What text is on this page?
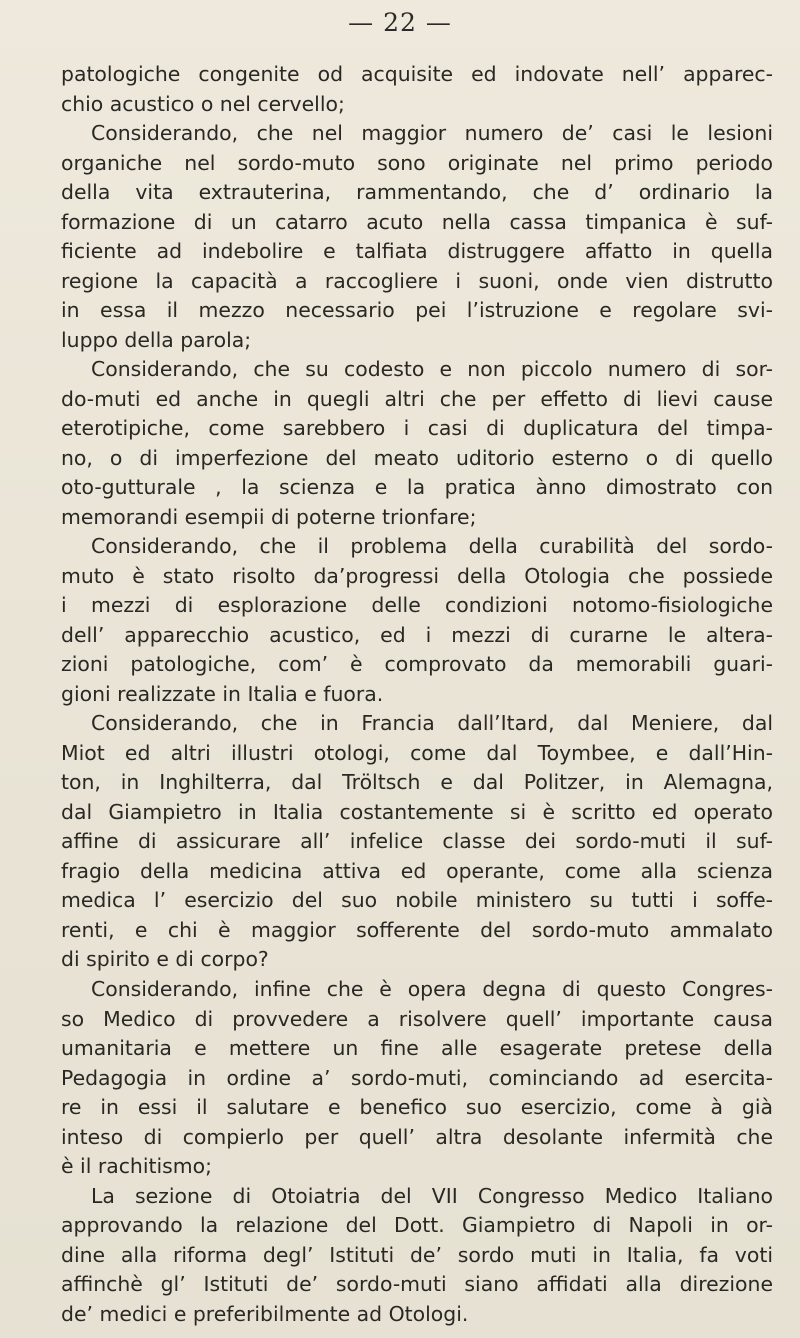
— 22 —
patologiche congenite od acquisite ed indovate nell’ apparec-
chio acustico o nel cervello;
Considerando, che nel maggior numero de’ casi le lesioni
organiche nel sordo-muto sono originate nel primo periodo
della vita extrauterina, rammentando, che d’ ordinario la
formazione di un catarro acuto nella cassa timpanica è suf-
ficiente ad indebolire e talfiata distruggere affatto in quella
regione la capacità a raccogliere i suoni, onde vien distrutto
in essa il mezzo necessario pei l’istruzione e regolare svi-
luppo della parola;
Considerando, che su codesto e non piccolo numero di sor-
do-muti ed anche in quegli altri che per effetto di lievi cause
eterotipiche, come sarebbero i casi di duplicatura del timpa-
no, o di imperfezione del meato uditorio esterno o di quello
oto-gutturale , la scienza e la pratica ànno dimostrato con
memorandi esempii di poterne trionfare;
Considerando, che il problema della curabilità del sordo-
muto è stato risolto da’progressi della Otologia che possiede
i mezzi di esplorazione delle condizioni notomo-fisiologiche
dell’ apparecchio acustico, ed i mezzi di curarne le altera-
zioni patologiche, com’ è comprovato da memorabili guari-
gioni realizzate in Italia e fuora.
Considerando, che in Francia dall’Itard, dal Meniere, dal
Miot ed altri illustri otologi, come dal Toymbee, e dall’Hin-
ton, in Inghilterra, dal Tröltsch e dal Politzer, in Alemagna,
dal Giampietro in Italia costantemente si è scritto ed operato
affine di assicurare all’ infelice classe dei sordo-muti il suf-
fragio della medicina attiva ed operante, come alla scienza
medica l’ esercizio del suo nobile ministero su tutti i soffe-
renti, e chi è maggior sofferente del sordo-muto ammalato
di spirito e di corpo?
Considerando, infine che è opera degna di questo Congres-
so Medico di provvedere a risolvere quell’ importante causa
umanitaria e mettere un fine alle esagerate pretese della
Pedagogia in ordine a’ sordo-muti, cominciando ad esercita-
re in essi il salutare e benefico suo esercizio, come à già
inteso di compierlo per quell’ altra desolante infermità che
è il rachitismo;
La sezione di Otoiatria del VII Congresso Medico Italiano
approvando la relazione del Dott. Giampietro di Napoli in or-
dine alla riforma degl’ Istituti de’ sordo muti in Italia, fa voti
affinchè gl’ Istituti de’ sordo-muti siano affidati alla direzione
de’ medici e preferibilmente ad Otologi.
